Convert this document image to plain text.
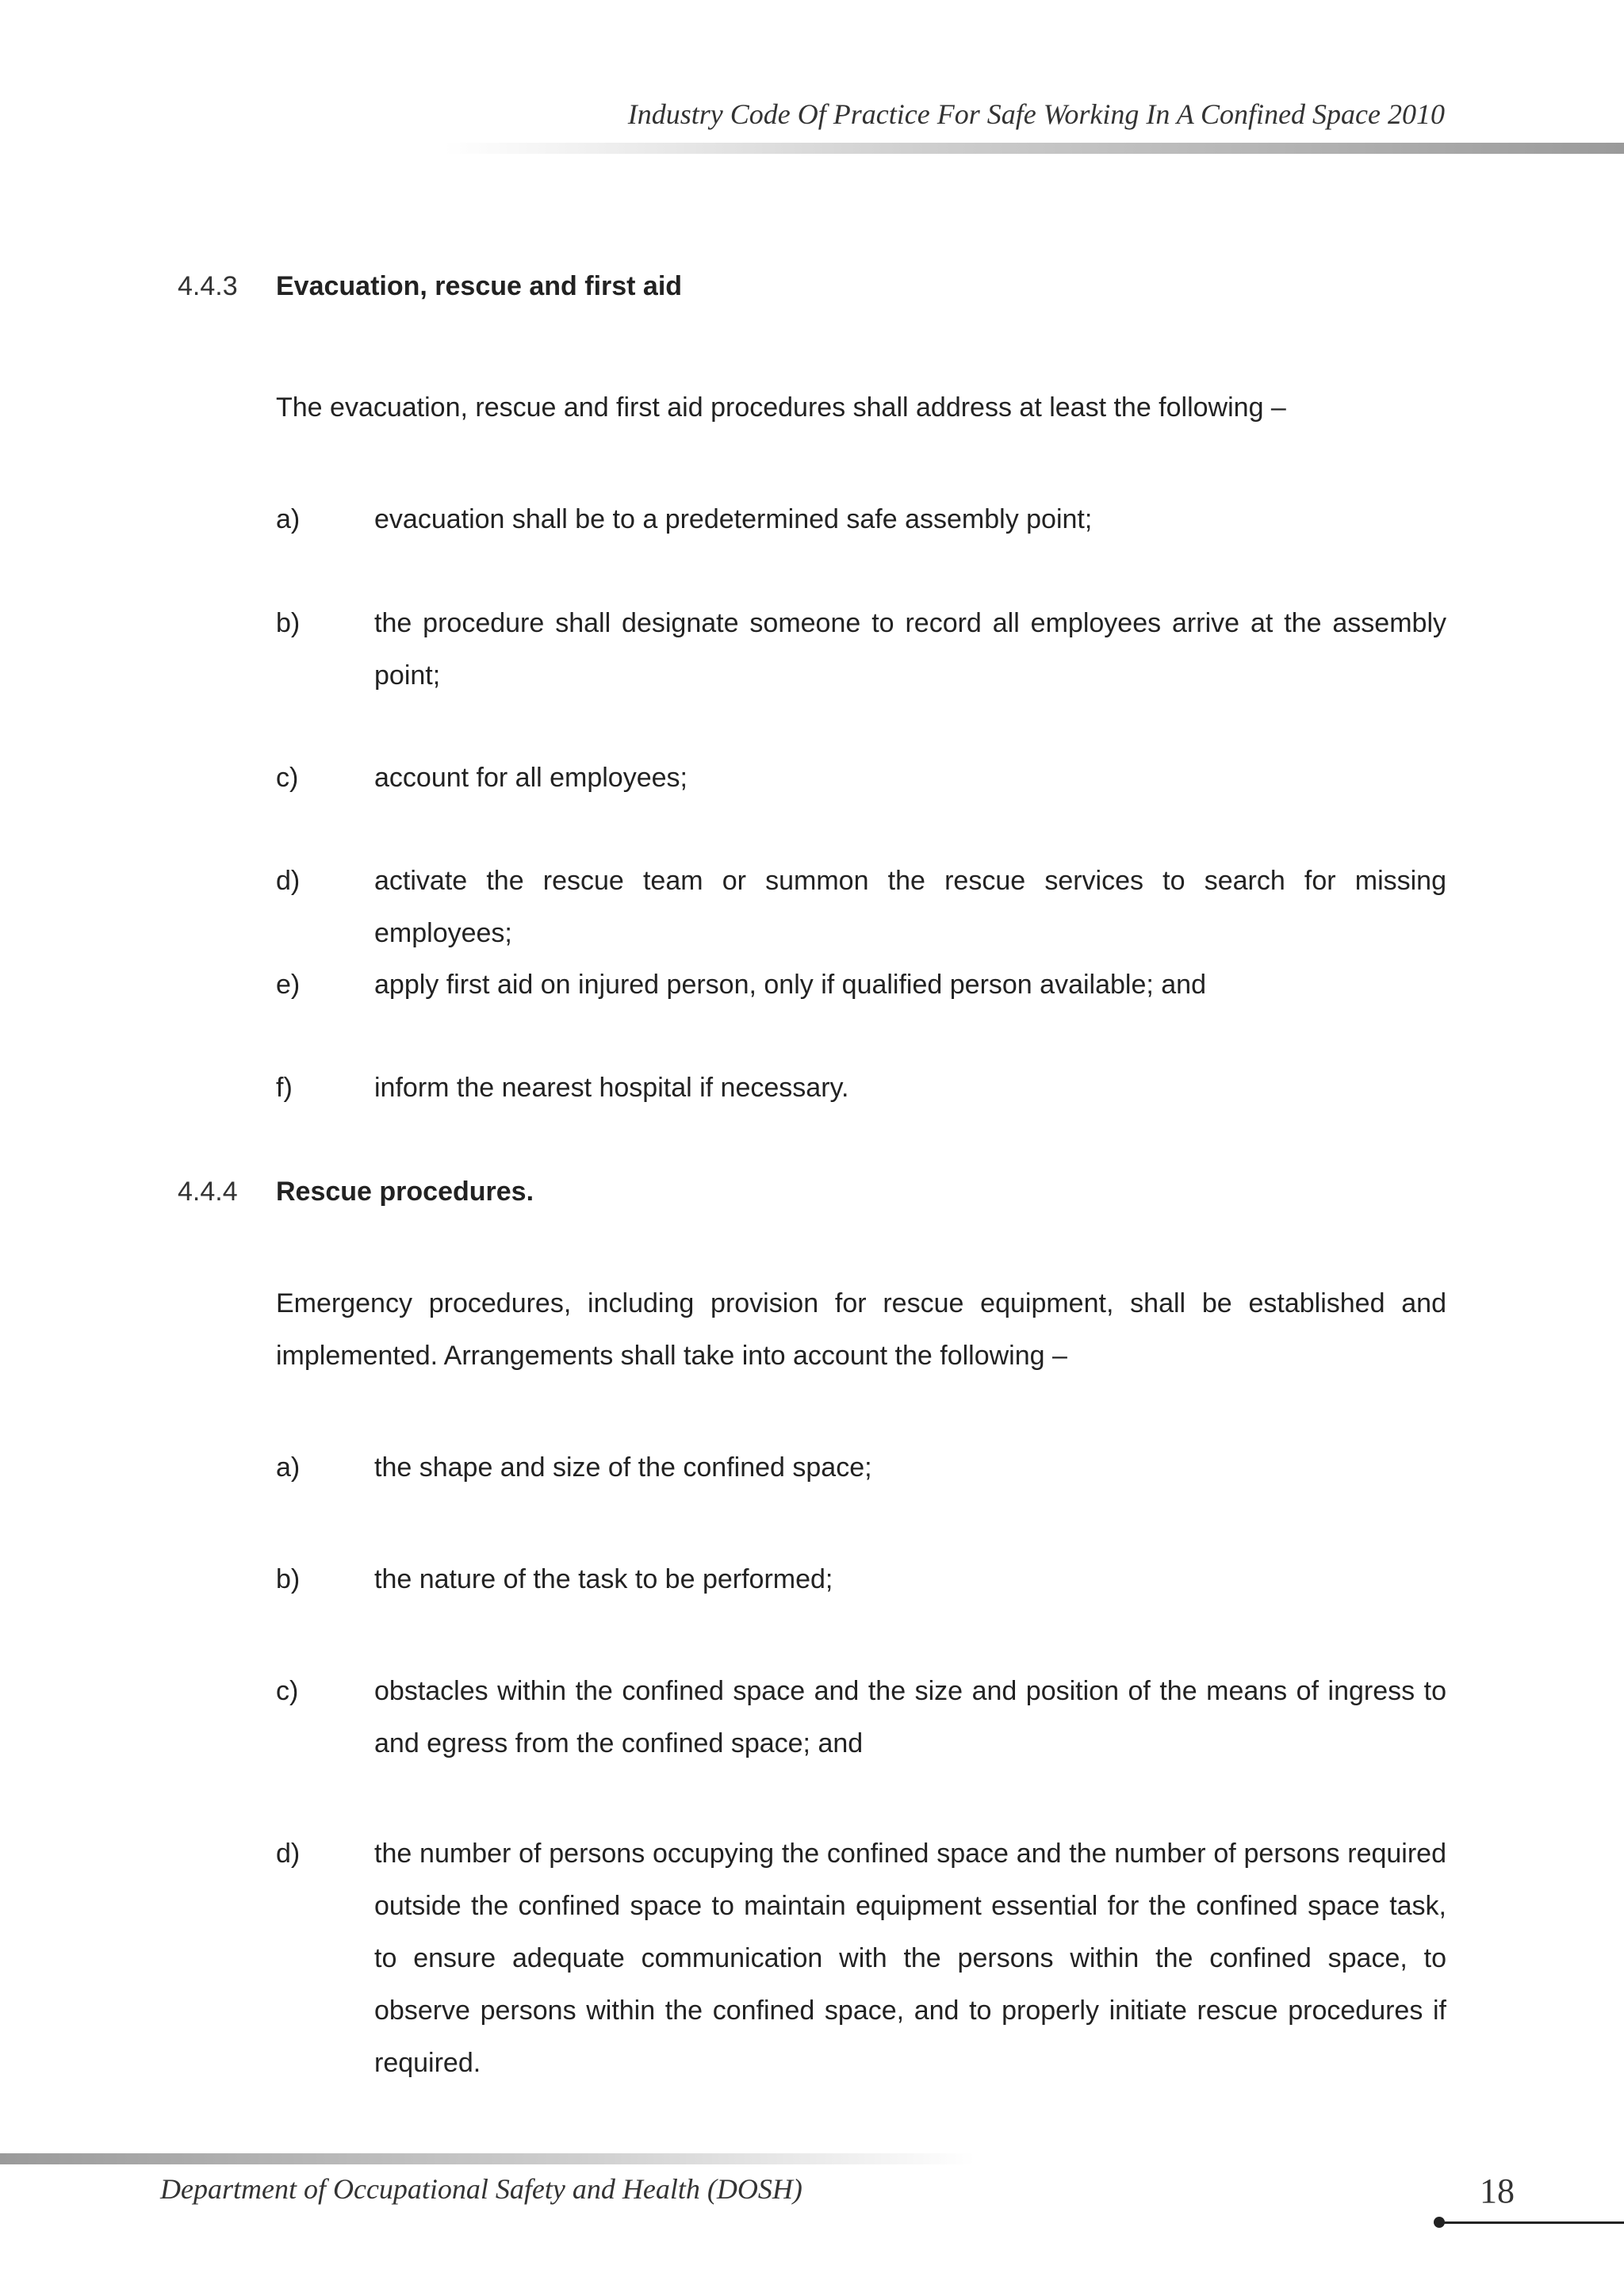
Industry Code Of Practice For Safe Working In A Confined Space 2010
4.4.3	Evacuation, rescue and first aid
The evacuation, rescue and first aid procedures shall address at least the following –
a)	evacuation shall be to a predetermined safe assembly point;
b)	the procedure shall designate someone to record all employees arrive at the assembly point;
c)	account for all employees;
d)	activate the rescue team or summon the rescue services to search for missing employees;
e)	apply first aid on injured person, only if qualified person available; and
f)	inform the nearest hospital if necessary.
4.4.4	Rescue procedures.
Emergency procedures, including provision for rescue equipment, shall be established and implemented. Arrangements shall take into account the following –
a)	the shape and size of the confined space;
b)	the nature of the task to be performed;
c)	obstacles within the confined space and the size and position of the means of ingress to and egress from the confined space; and
d)	the number of persons occupying the confined space and the number of persons required outside the confined space to maintain equipment essential for the confined space task, to ensure adequate communication with the persons within the confined space, to observe persons within the confined space, and to properly initiate rescue procedures if required.
Department of Occupational Safety and Health (DOSH)	18
